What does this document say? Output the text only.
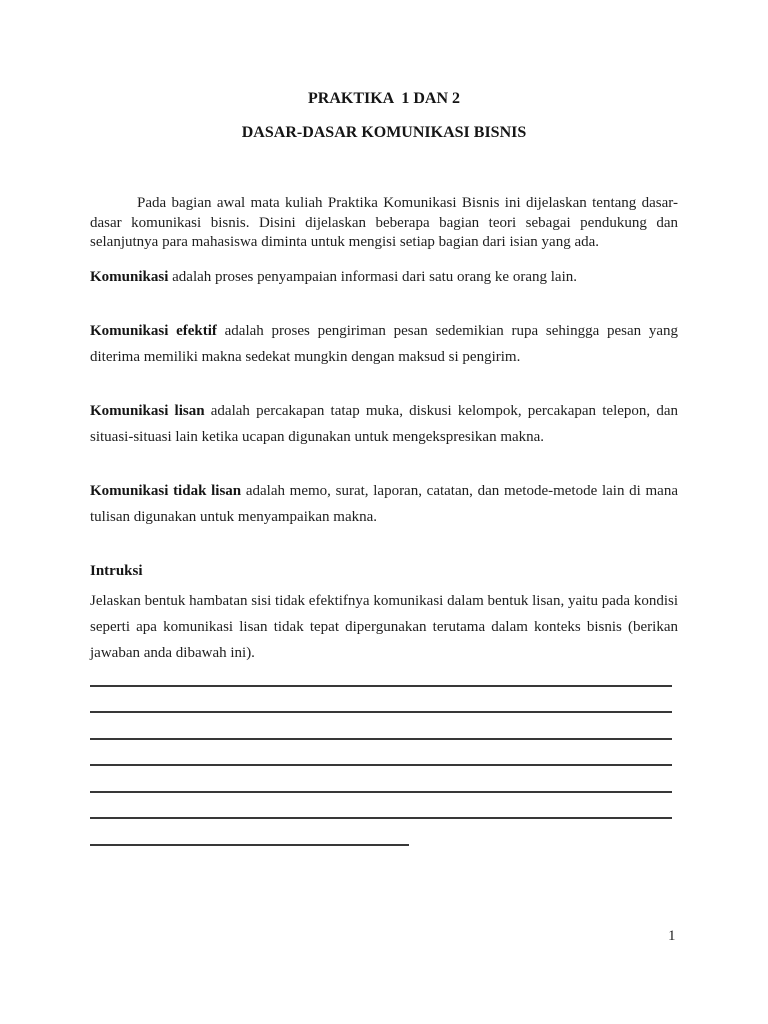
PRAKTIKA  1 DAN 2
DASAR-DASAR KOMUNIKASI BISNIS

Pada bagian awal mata kuliah Praktika Komunikasi Bisnis ini dijelaskan tentang dasar-dasar komunikasi bisnis. Disini dijelaskan beberapa bagian teori sebagai pendukung dan selanjutnya para mahasiswa diminta untuk mengisi setiap bagian dari isian yang ada.

Komunikasi adalah proses penyampaian informasi dari satu orang ke orang lain.

Komunikasi efektif adalah proses pengiriman pesan sedemikian rupa sehingga pesan yang diterima memiliki makna sedekat mungkin dengan maksud si pengirim.

Komunikasi lisan adalah percakapan tatap muka, diskusi kelompok, percakapan telepon, dan situasi-situasi lain ketika ucapan digunakan untuk mengekspresikan makna.

Komunikasi tidak lisan adalah memo, surat, laporan, catatan, dan metode-metode lain di mana tulisan digunakan untuk menyampaikan makna.

Intruksi

Jelaskan bentuk hambatan sisi tidak efektifnya komunikasi dalam bentuk lisan, yaitu pada kondisi seperti apa komunikasi lisan tidak tepat dipergunakan terutama dalam konteks bisnis (berikan jawaban anda dibawah ini).

1
